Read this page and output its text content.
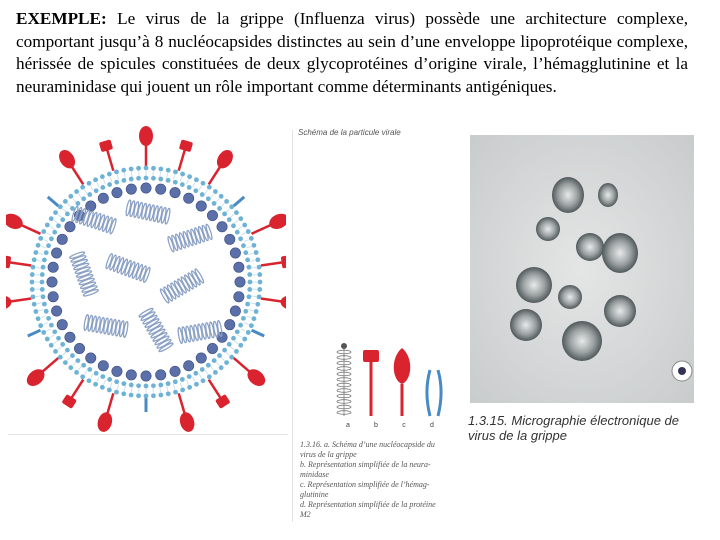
EXEMPLE: Le virus de la grippe (Influenza virus) possède une architecture complexe, comportant jusqu’à 8 nucléocapsides distinctes au sein d’une enveloppe lipoprotéique complexe, hérissée de spicules constituées de deux glycoprotéines d’origine virale, l’hémagglutinine et la neuraminidase qui jouent un rôle important comme déterminants antigéniques.
Schéma de la particule virale
1.3.15. Micrographie électronique de virus de la grippe
a	b	c	d
1.3.16. a. Schéma d’une nucléocapside du
virus de la grippe
b. Représentation simplifiée de la neura-
minidase
c. Représentation simplifiée de l’hémag-
glutinine
d. Représentation simplifiée de la protéine
M2
